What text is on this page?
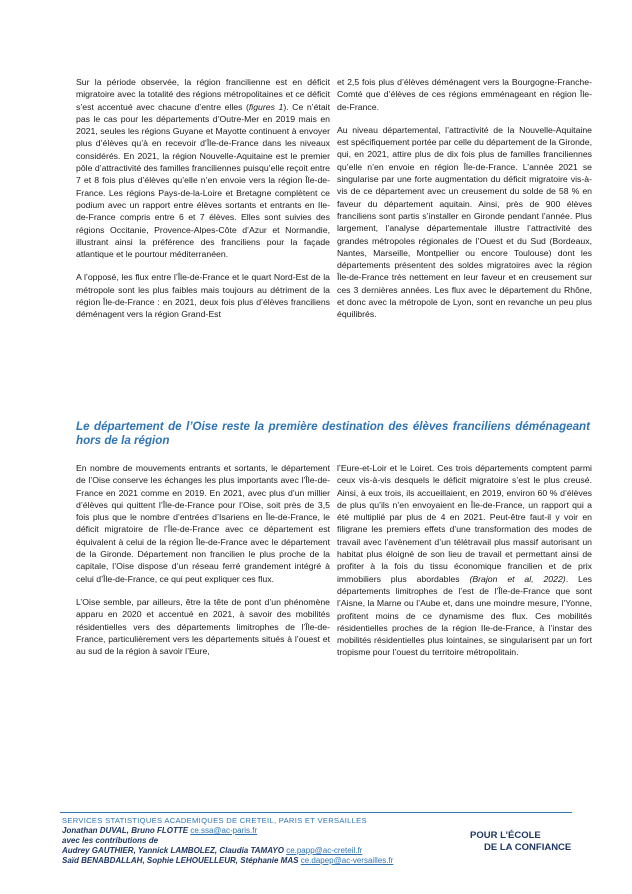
Sur la période observée, la région francilienne est en déficit migratoire avec la totalité des régions métropolitaines et ce déficit s’est accentué avec chacune d’entre elles (figures 1). Ce n’était pas le cas pour les départements d’Outre-Mer en 2019 mais en 2021, seules les régions Guyane et Mayotte continuent à envoyer plus d’élèves qu’à en recevoir d’Île-de-France dans les niveaux considérés. En 2021, la région Nouvelle-Aquitaine est le premier pôle d’attractivité des familles franciliennes puisqu’elle reçoit entre 7 et 8 fois plus d’élèves qu’elle n’en envoie vers la région Île-de-France. Les régions Pays-de-la-Loire et Bretagne complètent ce podium avec un rapport entre élèves sortants et entrants en Ile-de-France compris entre 6 et 7 élèves. Elles sont suivies des régions Occitanie, Provence-Alpes-Côte d’Azur et Normandie, illustrant ainsi la préférence des franciliens pour la façade atlantique et le pourtour méditerranéen.

A l’opposé, les flux entre l’Île-de-France et le quart Nord-Est de la métropole sont les plus faibles mais toujours au détriment de la région Île-de-France : en 2021, deux fois plus d’élèves franciliens déménagent vers la région Grand-Est

et 2,5 fois plus d’élèves déménagent vers la Bourgogne-Franche-Comté que d’élèves de ces régions emménageant en région Île-de-France.

Au niveau départemental, l’attractivité de la Nouvelle-Aquitaine est spécifiquement portée par celle du département de la Gironde, qui, en 2021, attire plus de dix fois plus de familles franciliennes qu’elle n’en envoie en région Île-de-France. L’année 2021 se singularise par une forte augmentation du déficit migratoire vis-à-vis de ce département avec un creusement du solde de 58 % en faveur du département aquitain. Ainsi, près de 900 élèves franciliens sont partis s’installer en Gironde pendant l’année. Plus largement, l’analyse départementale illustre l’attractivité des grandes métropoles régionales de l’Ouest et du Sud (Bordeaux, Nantes, Marseille, Montpellier ou encore Toulouse) dont les départements présentent des soldes migratoires avec la région Île-de-France très nettement en leur faveur et en creusement sur ces 3 dernières années. Les flux avec le département du Rhône, et donc avec la métropole de Lyon, sont en revanche un peu plus équilibrés.

Le département de l’Oise reste la première destination des élèves franciliens déménageant hors de la région

En nombre de mouvements entrants et sortants, le département de l’Oise conserve les échanges les plus importants avec l’Île-de-France en 2021 comme en 2019. En 2021, avec plus d’un millier d’élèves qui quittent l’Île-de-France pour l’Oise, soit près de 3,5 fois plus que le nombre d’entrées d’Isariens en Île-de-France, le déficit migratoire de l’Île-de-France avec ce département est équivalent à celui de la région Île-de-France avec le département de la Gironde. Département non francilien le plus proche de la capitale, l’Oise dispose d’un réseau ferré grandement intégré à celui d’Île-de-France, ce qui peut expliquer ces flux.

L’Oise semble, par ailleurs, être la tête de pont d’un phénomène apparu en 2020 et accentué en 2021, à savoir des mobilités résidentielles vers des départements limitrophes de l’Île-de-France, particulièrement vers les départements situés à l’ouest et au sud de la région à savoir l’Eure,

l’Eure-et-Loir et le Loiret. Ces trois départements comptent parmi ceux vis-à-vis desquels le déficit migratoire s’est le plus creusé. Ainsi, à eux trois, ils accueillaient, en 2019, environ 60 % d’élèves de plus qu’ils n’en envoyaient en Île-de-France, un rapport qui a été multiplié par plus de 4 en 2021. Peut-être faut-il y voir en filigrane les premiers effets d’une transformation des modes de travail avec l’avènement d’un télétravail plus massif autorisant un habitat plus éloigné de son lieu de travail et permettant ainsi de profiter à la fois du tissu économique francilien et de prix immobiliers plus abordables (Brajon et al, 2022). Les départements limitrophes de l’est de l’Île-de-France que sont l’Aisne, la Marne ou l’Aube et, dans une moindre mesure, l’Yonne, profitent moins de ce dynamisme des flux. Ces mobilités résidentielles proches de la région Ile-de-France, à l’instar des mobilités résidentielles plus lointaines, se singularisent par un fort tropisme pour l’ouest du territoire métropolitain.

SERVICES STATISTIQUES ACADEMIQUES DE CRETEIL, PARIS ET VERSAILLES
Jonathan DUVAL, Bruno FLOTTE ce.ssa@ac-paris.fr
avec les contributions de
Audrey GAUTHIER, Yannick LAMBOLEZ, Claudia TAMAYO ce.papp@ac-creteil.fr
Saïd BENABDALLAH, Sophie LEHOUELLEUR, Stéphanie MAS ce.dapep@ac-versailles.fr
POUR L’ÉCOLE
DE LA CONFIANCE
